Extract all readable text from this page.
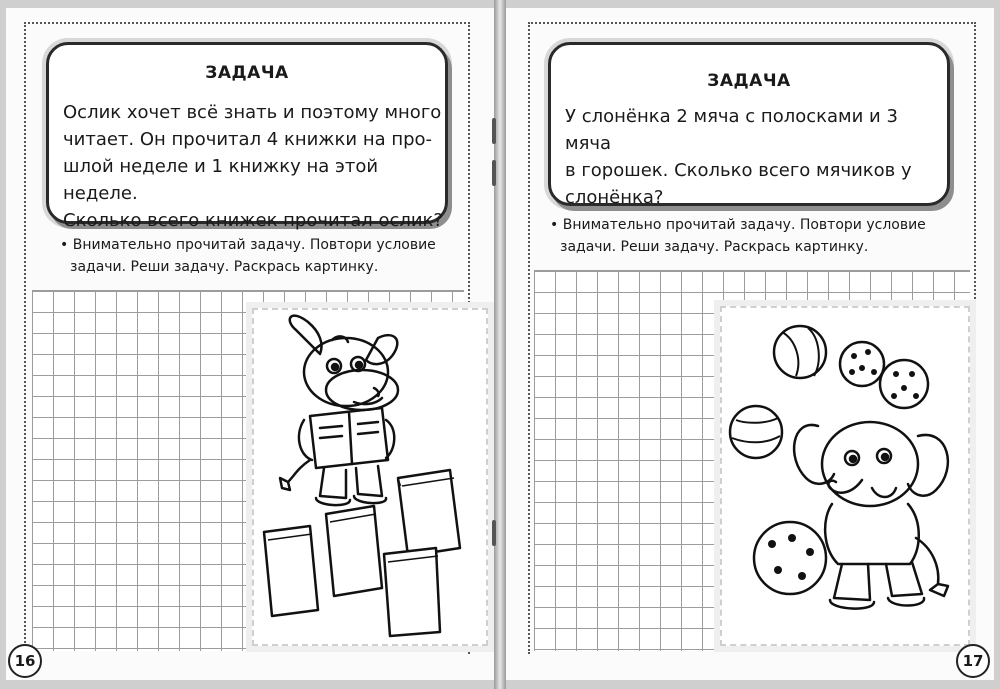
ЗАДАЧА
Ослик хочет всё знать и поэтому много
читает. Он прочитал 4 книжки на про-
шлой неделе и 1 книжку на этой неделе.
Сколько всего книжек прочитал ослик?
• Внимательно прочитай задачу. Повтори условие
задачи. Реши задачу. Раскрась картинку.
16
ЗАДАЧА
У слонёнка 2 мяча с полосками и 3 мяча
в горошек. Сколько всего мячиков у
слонёнка?
• Внимательно прочитай задачу. Повтори условие
задачи. Реши задачу. Раскрась картинку.
17
